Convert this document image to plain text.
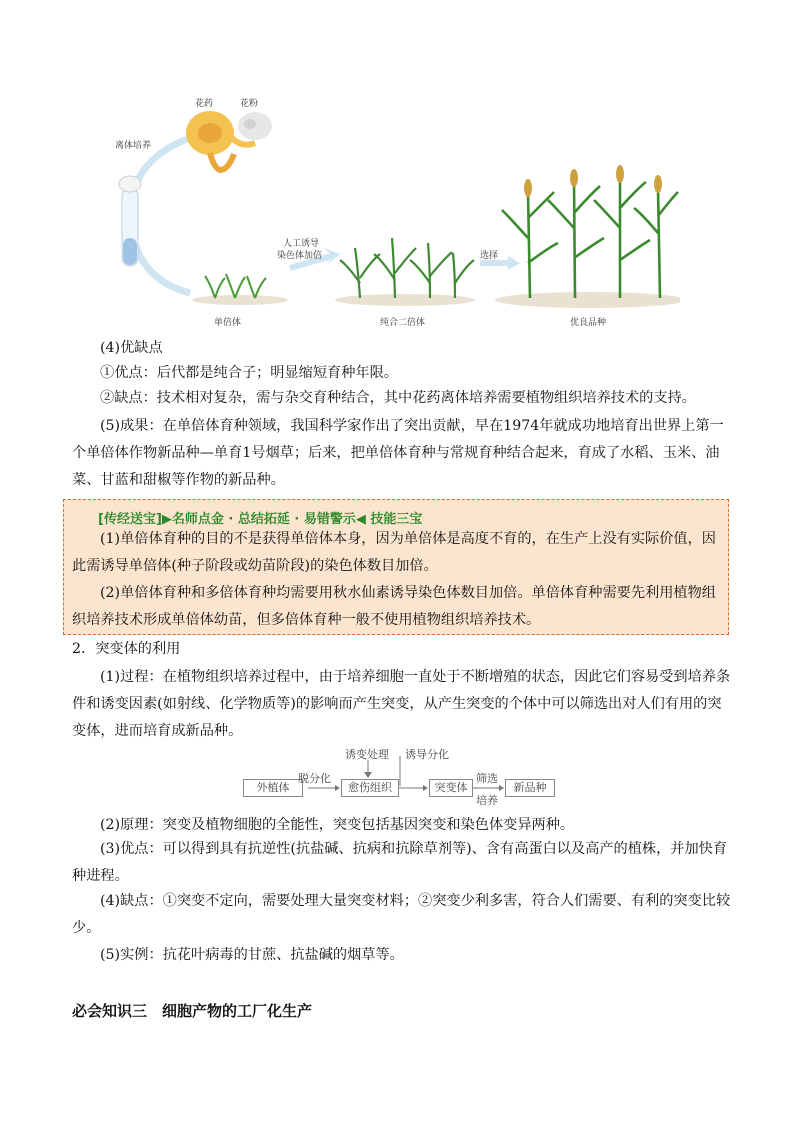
花药	花粉
离体培养
人工诱导
染色体加倍	选择
单倍体	纯合二倍体	优良品种
(4)优缺点
①优点：后代都是纯合子；明显缩短育种年限。
②缺点：技术相对复杂，需与杂交育种结合，其中花药离体培养需要植物组织培养技术的支持。
(5)成果：在单倍体育种领域，我国科学家作出了突出贡献，早在1974年就成功地培育出世界上第一个单倍体作物新品种—单育1号烟草；后来，把单倍体育种与常规育种结合起来，育成了水稻、玉米、油菜、甘蓝和甜椒等作物的新品种。
[传经送宝]▶名师点金 · 总结拓延 · 易错警示◀ 技能三宝
(1)单倍体育种的目的不是获得单倍体本身，因为单倍体是高度不育的，在生产上没有实际价值，因此需诱导单倍体(种子阶段或幼苗阶段)的染色体数目加倍。
(2)单倍体育种和多倍体育种均需要用秋水仙素诱导染色体数目加倍。单倍体育种需要先利用植物组织培养技术形成单倍体幼苗，但多倍体育种一般不使用植物组织培养技术。
2．突变体的利用
(1)过程：在植物组织培养过程中，由于培养细胞一直处于不断增殖的状态，因此它们容易受到培养条件和诱变因素(如射线、化学物质等)的影响而产生突变，从产生突变的个体中可以筛选出对人们有用的突变体，进而培育成新品种。
诱变处理 诱导分化
外植体
脱分化
愈伤组织	突变体
筛选
培养
新品种
(2)原理：突变及植物细胞的全能性，突变包括基因突变和染色体变异两种。
(3)优点：可以得到具有抗逆性(抗盐碱、抗病和抗除草剂等)、含有高蛋白以及高产的植株，并加快育种进程。
(4)缺点：①突变不定向，需要处理大量突变材料；②突变少利多害，符合人们需要、有利的突变比较少。
(5)实例：抗花叶病毒的甘蔗、抗盐碱的烟草等。
必会知识三　细胞产物的工厂化生产
